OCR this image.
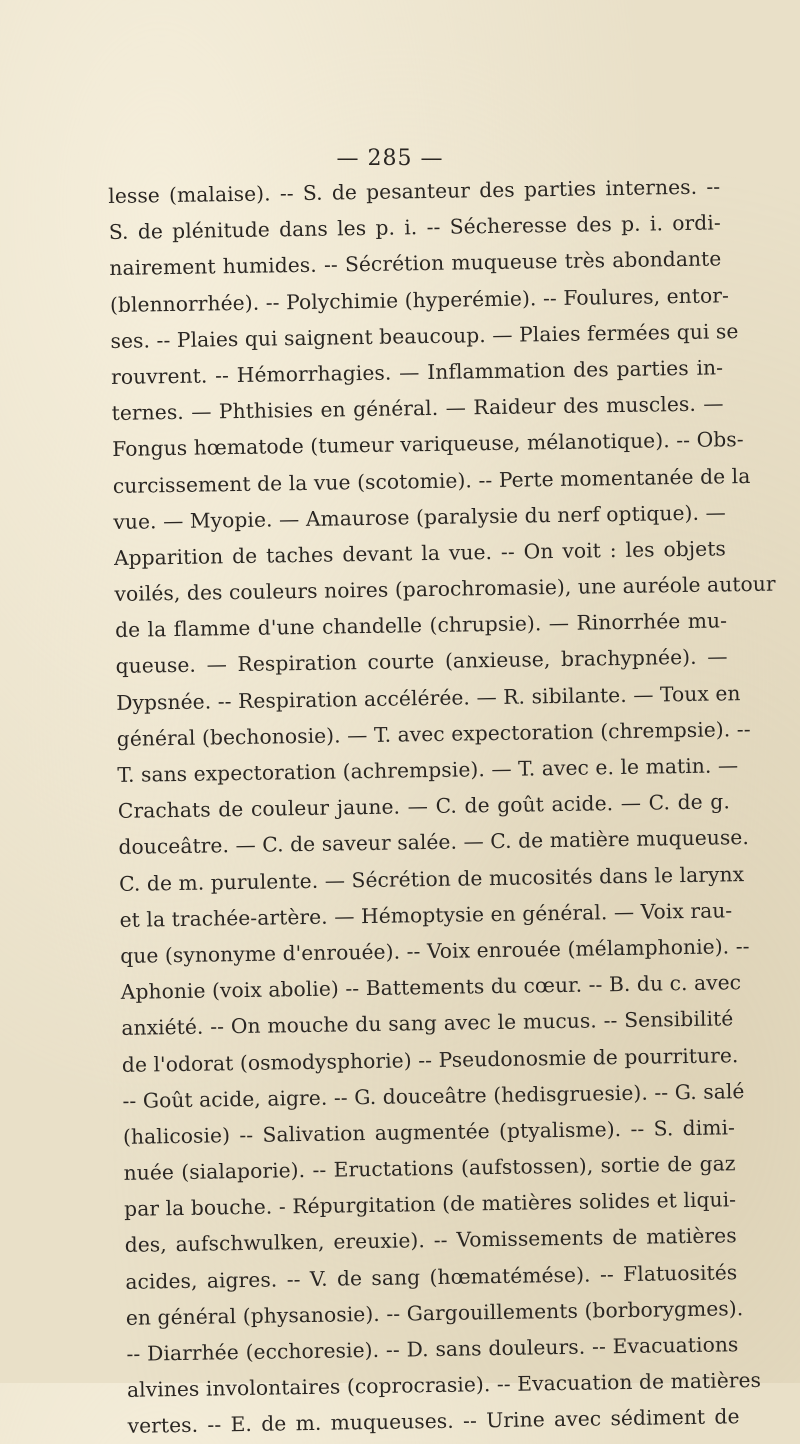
— 285 —
lesse (malaise). -- S. de pesanteur des parties internes. --
S. de plénitude dans les p. i. -- Sécheresse des p. i. ordi-
nairement humides. -- Sécrétion muqueuse très abondante
(blennorrhée). -- Polychimie (hyperémie). -- Foulures, entor-
ses. -- Plaies qui saignent beaucoup. — Plaies fermées qui se
rouvrent. -- Hémorrhagies. — Inflammation des parties in-
ternes. — Phthisies en général. — Raideur des muscles. —
Fongus hœmatode (tumeur variqueuse, mélanotique). -- Obs-
curcissement de la vue (scotomie). -- Perte momentanée de la
vue. — Myopie. — Amaurose (paralysie du nerf optique). —
Apparition de taches devant la vue. -- On voit : les objets
voilés, des couleurs noires (parochromasie), une auréole autour
de la flamme d'une chandelle (chrupsie). — Rinorrhée mu-
queuse. — Respiration courte (anxieuse, brachypnée). —
Dypsnée. -- Respiration accélérée. — R. sibilante. — Toux en
général (bechonosie). — T. avec expectoration (chrempsie). --
T. sans expectoration (achrempsie). — T. avec e. le matin. —
Crachats de couleur jaune. — C. de goût acide. — C. de g.
douceâtre. — C. de saveur salée. — C. de matière muqueuse.
C. de m. purulente. — Sécrétion de mucosités dans le larynx
et la trachée-artère. — Hémoptysie en général. — Voix rau-
que (synonyme d'enrouée). -- Voix enrouée (mélamphonie). --
Aphonie (voix abolie) -- Battements du cœur. -- B. du c. avec
anxiété. -- On mouche du sang avec le mucus. -- Sensibilité
de l'odorat (osmodysphorie) -- Pseudonosmie de pourriture.
-- Goût acide, aigre. -- G. douceâtre (hedisgruesie). -- G. salé
(halicosie) -- Salivation augmentée (ptyalisme). -- S. dimi-
nuée (sialaporie). -- Eructations (aufstossen), sortie de gaz
par la bouche. - Répurgitation (de matières solides et liqui-
des, aufschwulken, ereuxie). -- Vomissements de matières
acides, aigres. -- V. de sang (hœmatémése). -- Flatuosités
en général (physanosie). -- Gargouillements (borborygmes).
-- Diarrhée (ecchoresie). -- D. sans douleurs. -- Evacuations
alvines involontaires (coprocrasie). -- Evacuation de matières
vertes. -- E. de m. muqueuses. -- Urine avec sédiment de
